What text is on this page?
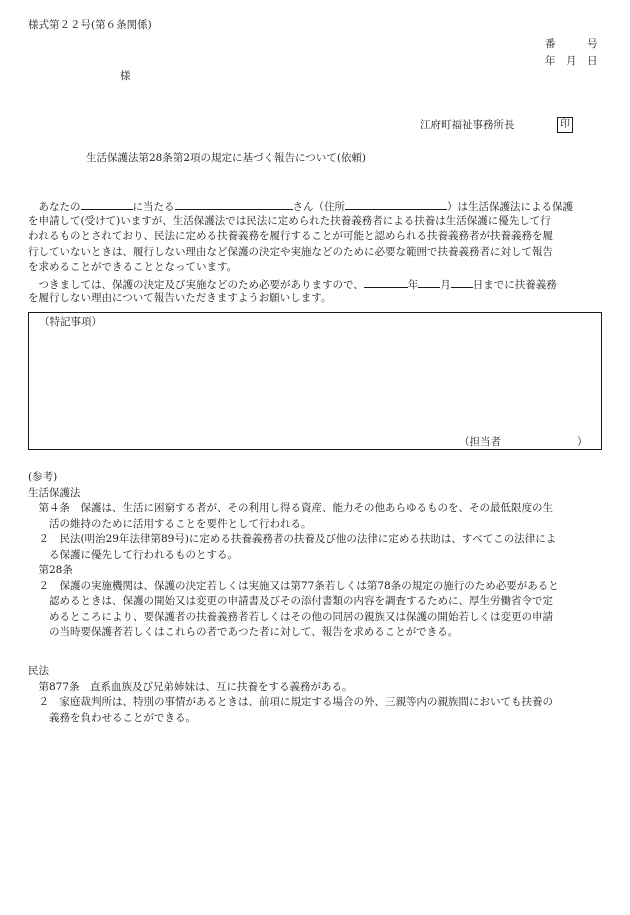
様式第２２号(第６条関係)
番　　　号
年　月　日
様
江府町福祉事務所長	印
生活保護法第28条第2項の規定に基づく報告について(依頼)
　あなたの	に当たる	さん（住所	）は生活保護法による保護
を申請して(受けて)いますが、生活保護法では民法に定められた扶養義務者による扶養は生活保護に優先して行
われるものとされており、民法に定める扶養義務を履行することが可能と認められる扶養義務者が扶養義務を履
行していないときは、履行しない理由など保護の決定や実施などのために必要な範囲で扶養義務者に対して報告
を求めることができることとなっています。
　つきましては、保護の決定及び実施などのため必要がありますので、	年 月 日までに扶養義務
を履行しない理由について報告いただきますようお願いします。
（特記事項）
（担当者	）
(参考)
生活保護法
　第４条　保護は、生活に困窮する者が、その利用し得る資産、能力その他あらゆるものを、その最低限度の生
　　活の維持のために活用することを要件として行われる。
　２　民法(明治29年法律第89号)に定める扶養義務者の扶養及び他の法律に定める扶助は、すべてこの法律によ
　　る保護に優先して行われるものとする。
　第28条
　２　保護の実施機関は、保護の決定若しくは実施又は第77条若しくは第78条の規定の施行のため必要があると
　　認めるときは、保護の開始又は変更の申請書及びその添付書類の内容を調査するために、厚生労働省令で定
　　めるところにより、要保護者の扶養義務者若しくはその他の同居の親族又は保護の開始若しくは変更の申請
　　の当時要保護者若しくはこれらの者であつた者に対して、報告を求めることができる。
民法
　第877条　直系血族及び兄弟姉妹は、互に扶養をする義務がある。
　２　家庭裁判所は、特別の事情があるときは、前項に規定する場合の外、三親等内の親族間においても扶養の
　　義務を負わせることができる。
